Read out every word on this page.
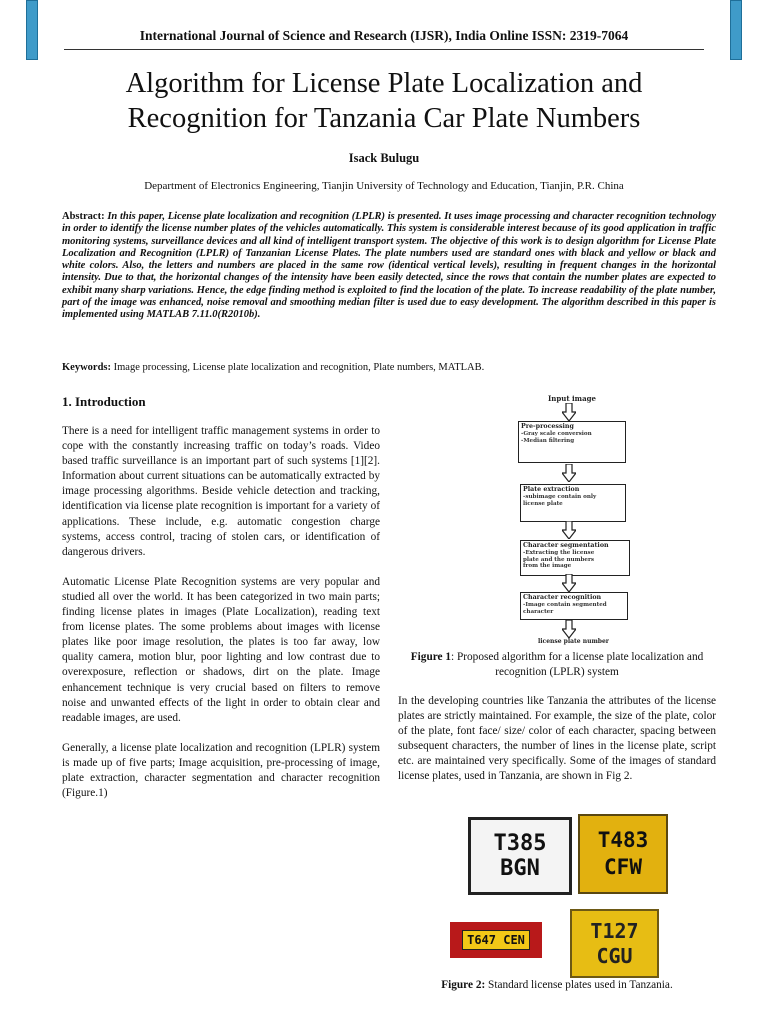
International Journal of Science and Research (IJSR), India Online ISSN: 2319-7064
Algorithm for License Plate Localization and
Recognition for Tanzania Car Plate Numbers
Isack Bulugu
Department of Electronics Engineering, Tianjin University of Technology and Education, Tianjin, P.R. China
Abstract: In this paper, License plate localization and recognition (LPLR) is presented. It uses image processing and character recognition technology in order to identify the license number plates of the vehicles automatically. This system is considerable interest because of its good application in traffic monitoring systems, surveillance devices and all kind of intelligent transport system. The objective of this work is to design algorithm for License Plate Localization and Recognition (LPLR) of Tanzanian License Plates. The plate numbers used are standard ones with black and yellow or black and white colors. Also, the letters and numbers are placed in the same row (identical vertical levels), resulting in frequent changes in the horizontal intensity. Due to that, the horizontal changes of the intensity have been easily detected, since the rows that contain the number plates are expected to exhibit many sharp variations. Hence, the edge finding method is exploited to find the location of the plate. To increase readability of the plate number, part of the image was enhanced, noise removal and smoothing median filter is used due to easy development. The algorithm described in this paper is implemented using MATLAB 7.11.0(R2010b).
Keywords: Image processing, License plate localization and recognition, Plate numbers, MATLAB.
1. Introduction

There is a need for intelligent traffic management systems in order to cope with the constantly increasing traffic on today’s roads. Video based traffic surveillance is an important part of such systems [1][2]. Information about current situations can be automatically extracted by image processing algorithms. Beside vehicle detection and tracking, identification via license plate recognition is important for a variety of applications. These include, e.g. automatic congestion charge systems, access control, tracing of stolen cars, or identification of dangerous drivers.

Automatic License Plate Recognition systems are very popular and studied all over the world. It has been categorized in two main parts; finding license plates in images (Plate Localization), reading text from license plates. The some problems about images with license plates like poor image resolution, the plates is too far away, low quality camera, motion blur, poor lighting and low contrast due to overexposure, reflection or shadows, dirt on the plate. Image enhancement technique is very crucial based on filters to remove noise and unwanted effects of the light in order to obtain clear and readable images, are used.

Generally, a license plate localization and recognition (LPLR) system is made up of five parts; Image acquisition, pre-processing of image, plate extraction, character segmentation and character recognition (Figure.1)

Input image
Pre-processing
-Gray scale conversion
-Median filtering
Plate extraction
-subimage contain only
license plate
Character segmentation
-Extracting the license
plate and the numbers
from the image
Character recognition
-Image contain segmented
character
license plate number
Figure 1: Proposed algorithm for a license plate localization and recognition (LPLR) system

In the developing countries like Tanzania the attributes of the license plates are strictly maintained. For example, the size of the plate, color of the plate, font face/ size/ color of each character, spacing between subsequent characters, the number of lines in the license plate, script etc. are maintained very specifically. Some of the images of standard license plates, used in Tanzania, are shown in Fig 2.

T385
BGN
T483
CFW
T647 CEN	T127
CGU
Figure 2: Standard license plates used in Tanzania.
